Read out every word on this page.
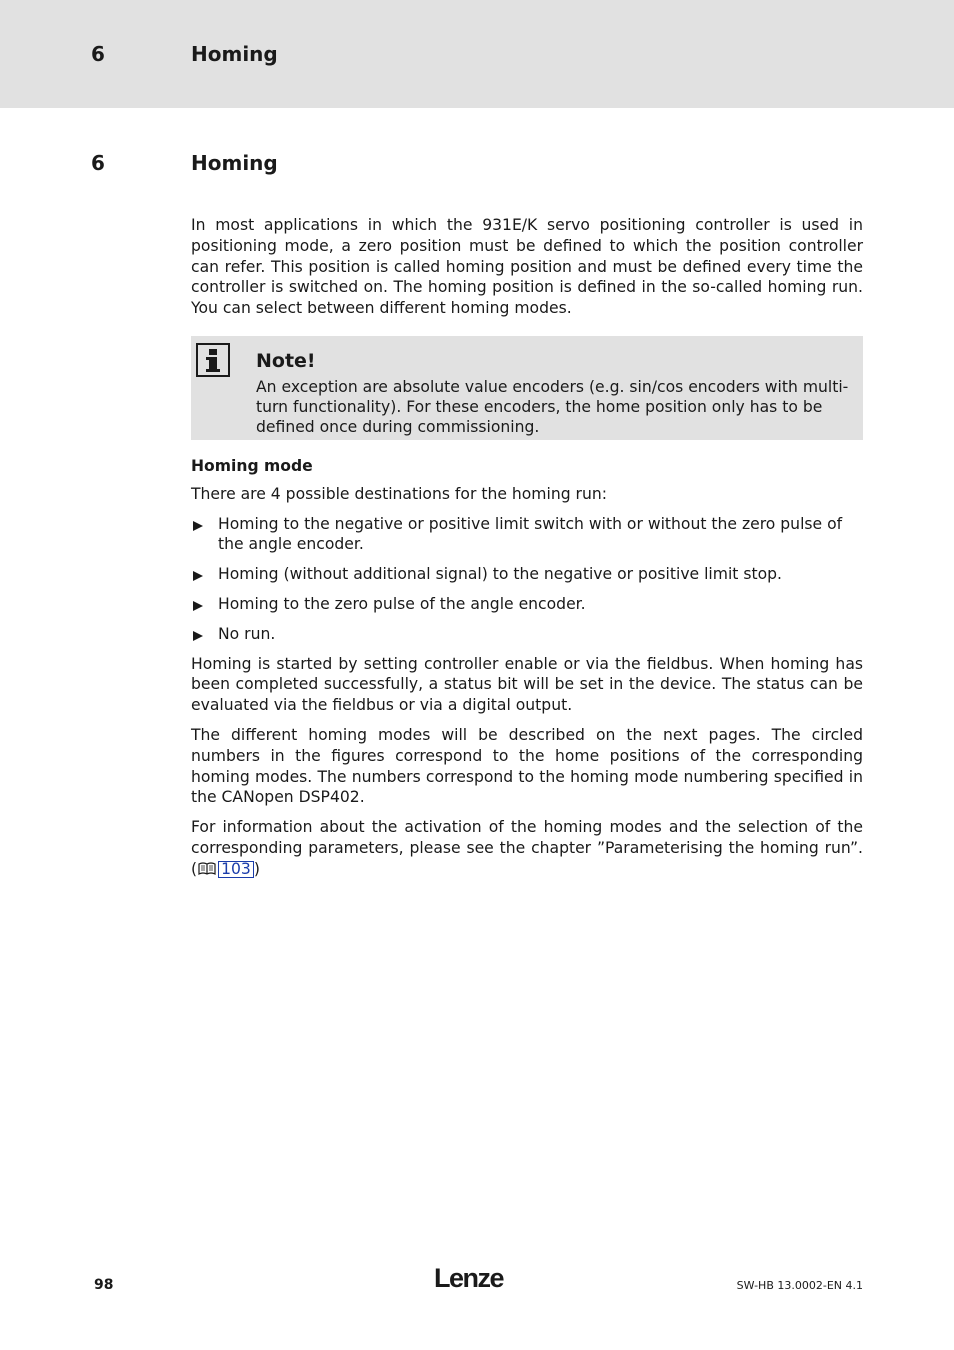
6	Homing
6	Homing

In most applications in which the 931E/K servo positioning controller is used in positioning mode, a zero position must be defined to which the position controller can refer. This position is called homing position and must be defined every time the controller is switched on. The homing position is defined in the so-called homing run. You can select between different homing modes.

Note!

An exception are absolute value encoders (e.g. sin/cos encoders with multi-turn functionality). For these encoders, the home position only has to be defined once during commissioning.

Homing mode

There are 4 possible destinations for the homing run:

Homing to the negative or positive limit switch with or without the zero pulse of the angle encoder.
Homing (without additional signal) to the negative or positive limit stop.
Homing to the zero pulse of the angle encoder.
No run.

Homing is started by setting controller enable or via the fieldbus. When homing has been completed successfully, a status bit will be set in the device. The status can be evaluated via the fieldbus or via a digital output.

The different homing modes will be described on the next pages. The circled numbers in the figures correspond to the home positions of the corresponding homing modes. The numbers correspond to the homing mode numbering specified in the CANopen DSP402.

For information about the activation of the homing modes and the selection of the corresponding parameters, please see the chapter ”Parameterising the homing run”. ( 103 )

98	Lenze	SW-HB 13.0002-EN 4.1
